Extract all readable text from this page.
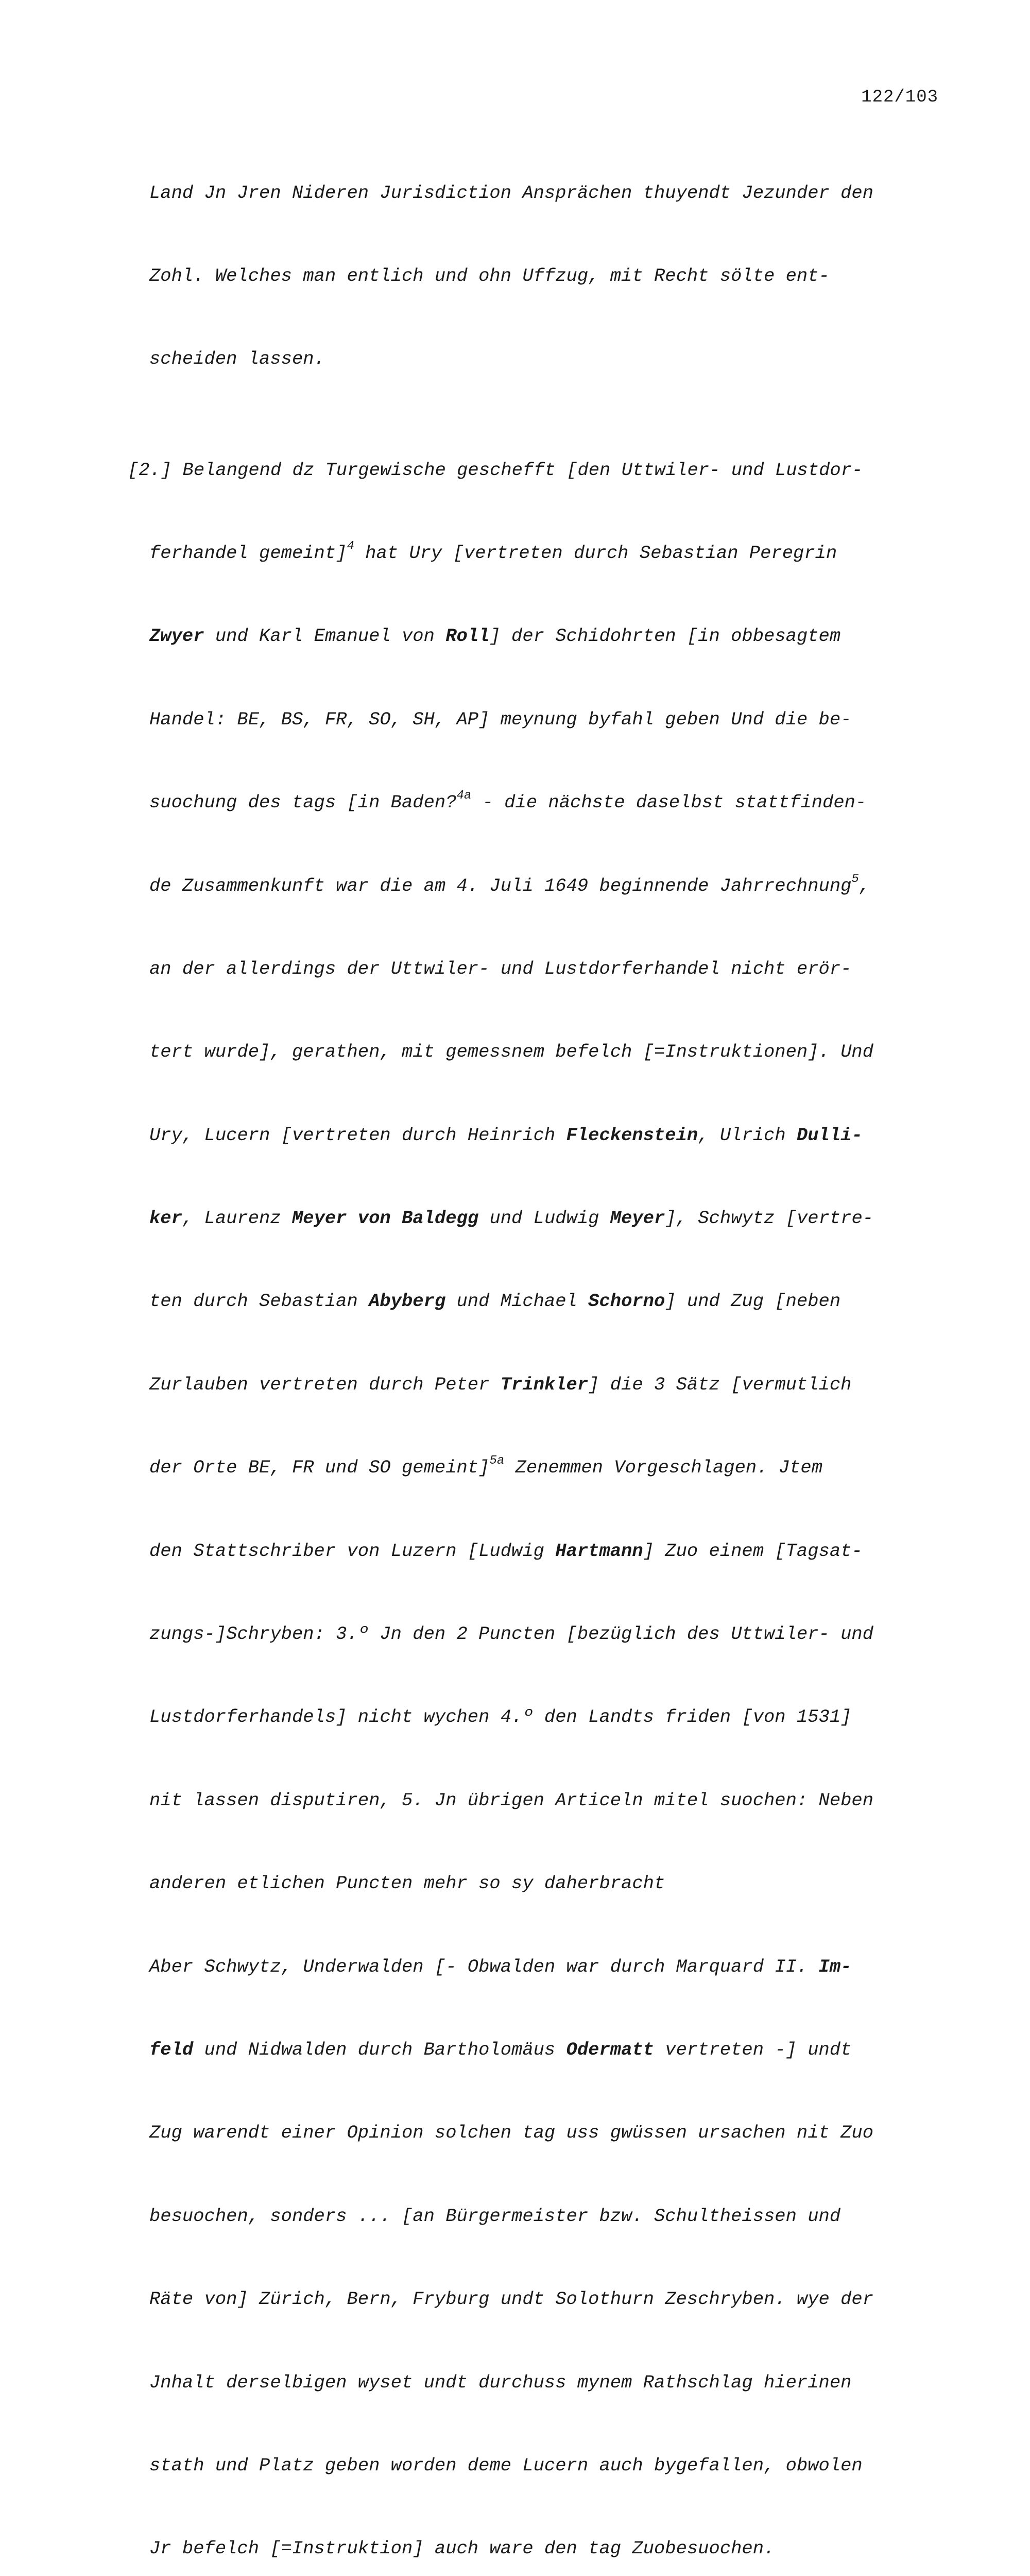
122/103

Land Jn Jren Nideren Jurisdiction Ansprächen thuyendt Jezunder den

Zohl. Welches man entlich und ohn Uffzug, mit Recht sölte ent-

scheiden lassen.

[2.] Belangend dz Turgewische geschefft [den Uttwiler- und Lustdor-

ferhandel gemeint]$^4$ hat Ury [vertreten durch Sebastian Peregrin

Zwyer und Karl Emanuel von Roll] der Schidohrten [in obbesagtem

Handel: BE, BS, FR, SO, SH, AP] meynung byfahl geben Und die be-

suochung des tags [in Baden?$^{4a}$ - die nächste daselbst stattfinden-

de Zusammenkunft war die am 4. Juli 1649 beginnende Jahrrechnung$^5$,

an der allerdings der Uttwiler- und Lustdorferhandel nicht erör-

tert wurde], gerathen, mit gemessnem befelch [=Instruktionen]. Und

Ury, Lucern [vertreten durch Heinrich Fleckenstein, Ulrich Dulli-

ker, Laurenz Meyer von Baldegg und Ludwig Meyer], Schwytz [vertre-

ten durch Sebastian Abyberg und Michael Schorno] und Zug [neben

Zurlauben vertreten durch Peter Trinkler] die 3 Sätz [vermutlich

der Orte BE, FR und SO gemeint]$^{5a}$ Zenemmen Vorgeschlagen. Jtem

den Stattschriber von Luzern [Ludwig Hartmann] Zuo einem [Tagsat-

zungs-]Schryben: 3.º Jn den 2 Puncten [bezüglich des Uttwiler- und

Lustdorferhandels] nicht wychen 4.º den Landts friden [von 1531]

nit lassen disputiren, 5. Jn übrigen Articeln mitel suochen: Neben

anderen etlichen Puncten mehr so sy daherbracht

Aber Schwytz, Underwalden [- Obwalden war durch Marquard II. Im-

feld und Nidwalden durch Bartholomäus Odermatt vertreten -] undt

Zug warendt einer Opinion solchen tag uss gwüssen ursachen nit Zuo

besuochen, sonders ... [an Bürgermeister bzw. Schultheissen und

Räte von] Zürich, Bern, Fryburg undt Solothurn Zeschryben. wye der

Jnhalt derselbigen wyset undt durchuss mynem Rathschlag hierinen

stath und Platz geben worden deme Lucern auch bygefallen, obwolen

Jr befelch [=Instruktion] auch ware den tag Zuobesuochen.
